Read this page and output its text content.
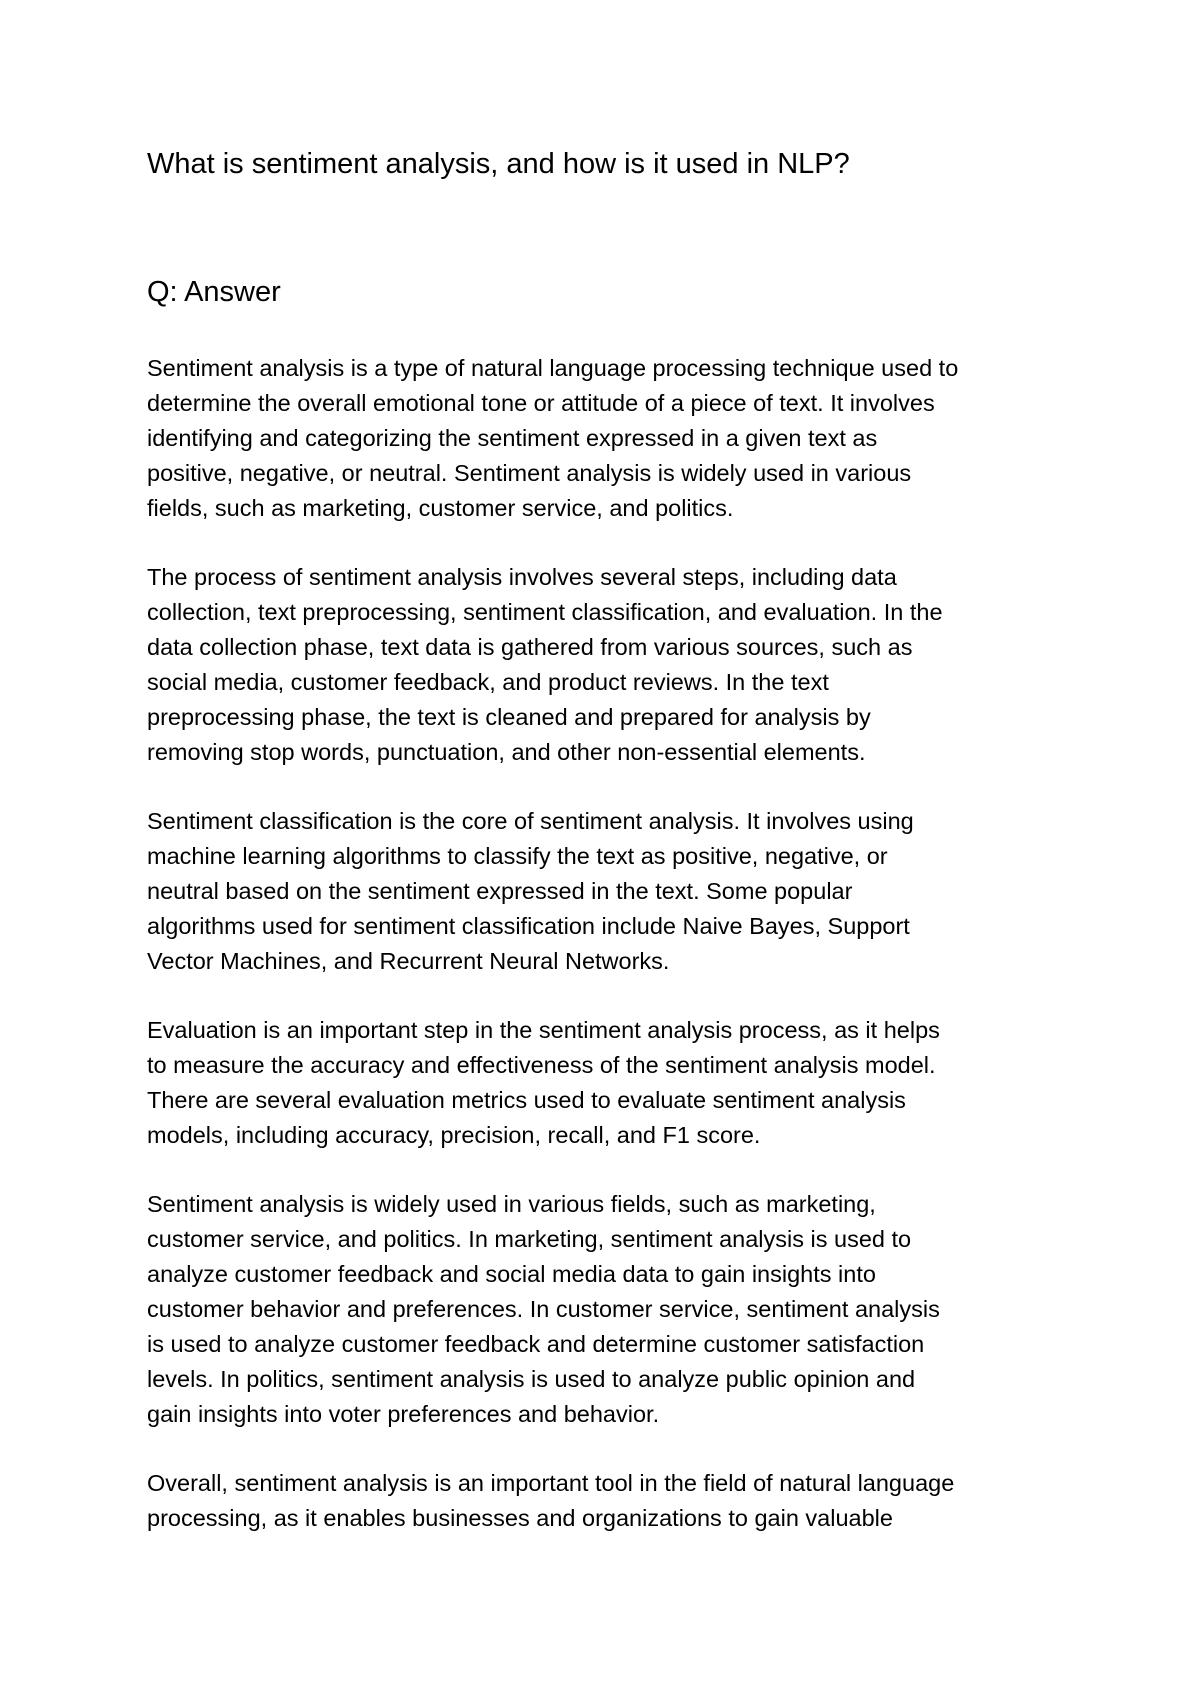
What is sentiment analysis, and how is it used in NLP?
Q: Answer

Sentiment analysis is a type of natural language processing technique used to
determine the overall emotional tone or attitude of a piece of text. It involves
identifying and categorizing the sentiment expressed in a given text as
positive, negative, or neutral. Sentiment analysis is widely used in various
fields, such as marketing, customer service, and politics.

The process of sentiment analysis involves several steps, including data
collection, text preprocessing, sentiment classification, and evaluation. In the
data collection phase, text data is gathered from various sources, such as
social media, customer feedback, and product reviews. In the text
preprocessing phase, the text is cleaned and prepared for analysis by
removing stop words, punctuation, and other non-essential elements.

Sentiment classification is the core of sentiment analysis. It involves using
machine learning algorithms to classify the text as positive, negative, or
neutral based on the sentiment expressed in the text. Some popular
algorithms used for sentiment classification include Naive Bayes, Support
Vector Machines, and Recurrent Neural Networks.

Evaluation is an important step in the sentiment analysis process, as it helps
to measure the accuracy and effectiveness of the sentiment analysis model.
There are several evaluation metrics used to evaluate sentiment analysis
models, including accuracy, precision, recall, and F1 score.

Sentiment analysis is widely used in various fields, such as marketing,
customer service, and politics. In marketing, sentiment analysis is used to
analyze customer feedback and social media data to gain insights into
customer behavior and preferences. In customer service, sentiment analysis
is used to analyze customer feedback and determine customer satisfaction
levels. In politics, sentiment analysis is used to analyze public opinion and
gain insights into voter preferences and behavior.

Overall, sentiment analysis is an important tool in the field of natural language
processing, as it enables businesses and organizations to gain valuable
